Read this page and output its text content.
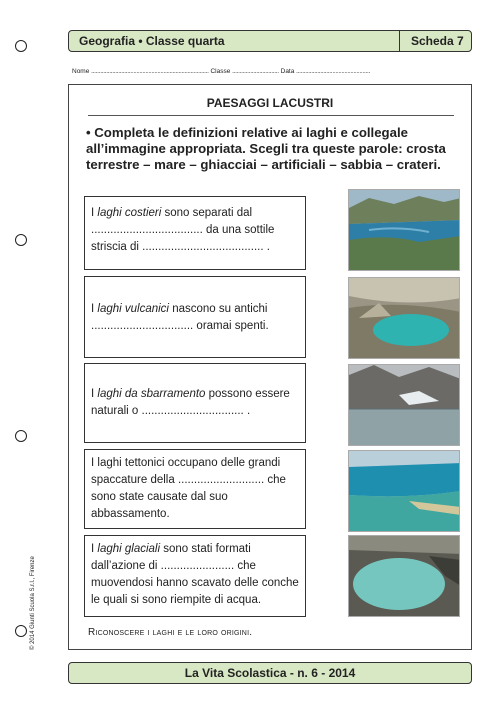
Geografia • Classe quarta	Scheda 7
Nome .............................................................................. Classe ............................... Data .................................................
PAESAGGI LACUSTRI
• Completa le definizioni relative ai laghi e collegale all’immagine appropriata. Scegli tra queste parole: crosta terrestre – mare – ghiacciai – artificiali – sabbia – crateri.

I laghi costieri sono separati dal ................................... da una sottile striscia di ...................................... .

I laghi vulcanici nascono su antichi ................................ oramai spenti.

I laghi da sbarramento possono essere naturali o ................................ .

I laghi tettonici occupano delle grandi spaccature della ........................... che sono state causate dal suo abbassamento.

I laghi glaciali sono stati formati dall’azione di ....................... che muovendosi hanno scavato delle conche le quali si sono riempite di acqua.

Riconoscere i laghi e le loro origini.
La Vita Scolastica - n. 6 - 2014
© 2014 Giunti Scuola S.r.l., Firenze
